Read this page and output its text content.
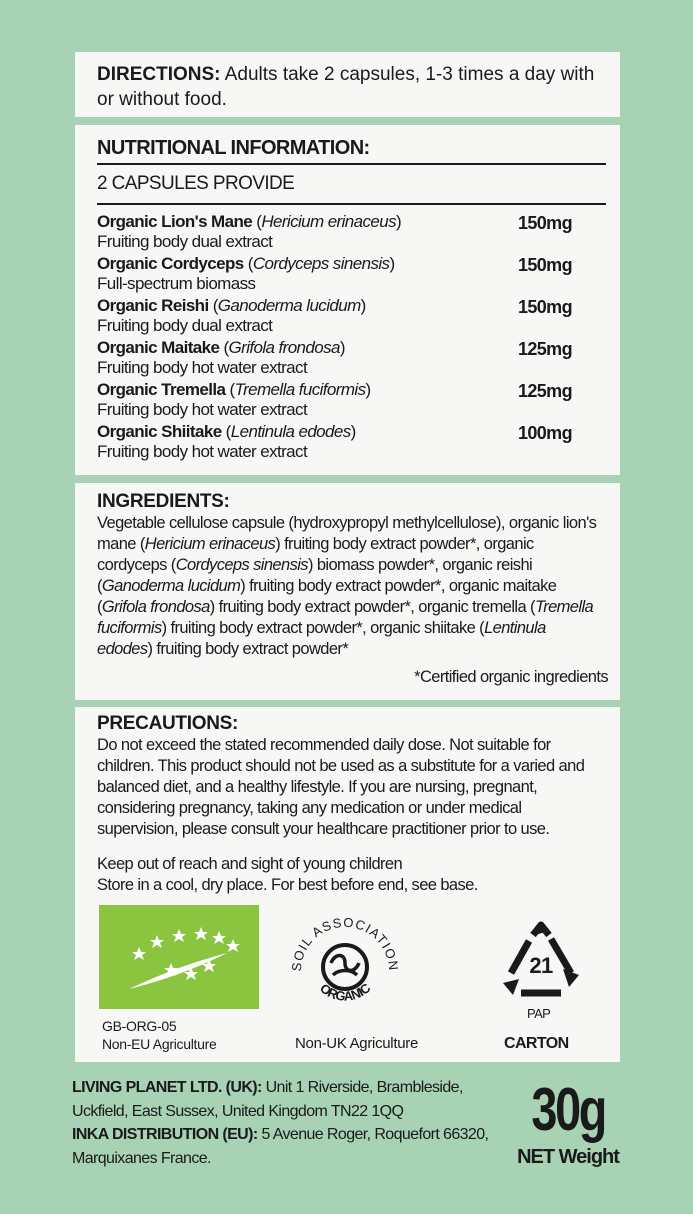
DIRECTIONS: Adults take 2 capsules, 1-3 times a day with or without food.
NUTRITIONAL INFORMATION:
2 CAPSULES PROVIDE
Organic Lion's Mane (Hericium erinaceus)
Fruiting body dual extract
150mg
Organic Cordyceps (Cordyceps sinensis)
Full-spectrum biomass
150mg
Organic Reishi (Ganoderma lucidum)
Fruiting body dual extract
150mg
Organic Maitake (Grifola frondosa)
Fruiting body hot water extract
125mg
Organic Tremella (Tremella fuciformis)
Fruiting body hot water extract
125mg
Organic Shiitake (Lentinula edodes)
Fruiting body hot water extract
100mg
INGREDIENTS:
Vegetable cellulose capsule (hydroxypropyl methylcellulose), organic lion's mane (Hericium erinaceus) fruiting body extract powder*, organic cordyceps (Cordyceps sinensis) biomass powder*, organic reishi (Ganoderma lucidum) fruiting body extract powder*, organic maitake (Grifola frondosa) fruiting body extract powder*, organic tremella (Tremella fuciformis) fruiting body extract powder*, organic shiitake (Lentinula edodes) fruiting body extract powder*
*Certified organic ingredients
PRECAUTIONS:
Do not exceed the stated recommended daily dose. Not suitable for children. This product should not be used as a substitute for a varied and balanced diet, and a healthy lifestyle. If you are nursing, pregnant, considering pregnancy, taking any medication or under medical supervision, please consult your healthcare practitioner prior to use.
Keep out of reach and sight of young children
Store in a cool, dry place. For best before end, see base.
GB-ORG-05
Non-EU Agriculture
SOIL ASSOCIATION
ORGANIC
Non-UK Agriculture
21
PAP
CARTON
LIVING PLANET LTD. (UK): Unit 1 Riverside, Brambleside, Uckfield, East Sussex, United Kingdom TN22 1QQ
INKA DISTRIBUTION (EU): 5 Avenue Roger, Roquefort 66320, Marquixanes France.
30g
NET Weight
